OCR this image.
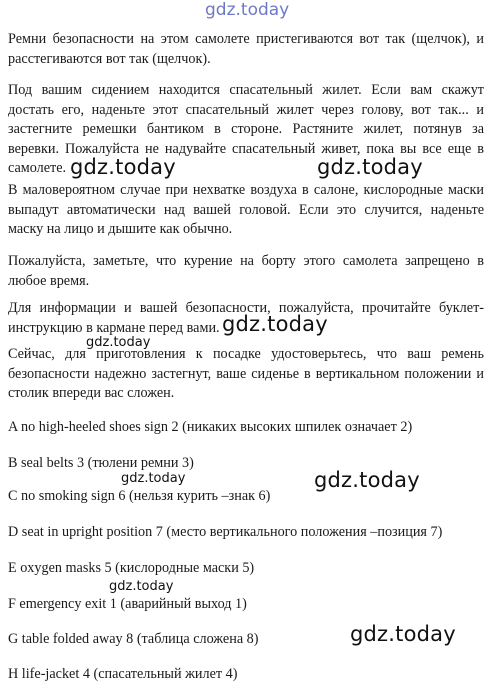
gdz.today

Ремни безопасности на этом самолете пристегиваются вот так (щелчок), и расстегиваются вот так (щелчок).

Под вашим сидением находится спасательный жилет. Если вам скажут достать его, наденьте этот спасательный жилет через голову, вот так... и застегните ремешки бантиком в стороне. Растяните жилет, потянув за веревки. Пожалуйста не надувайте спасательный живет, пока вы все еще в самолете.

В маловероятном случае при нехватке воздуха в салоне, кислородные маски выпадут автоматически над вашей головой. Если это случится, наденьте маску на лицо и дышите как обычно.

Пожалуйста, заметьте, что курение на борту этого самолета запрещено в любое время.

Для информации и вашей безопасности, пожалуйста, прочитайте буклет-инструкцию в кармане перед вами.

Сейчас, для приготовления к посадке удостоверьтесь, что ваш ремень безопасности надежно застегнут, ваше сиденье в вертикальном положении и столик впереди вас сложен.

A no high-heeled shoes sign 2 (никаких высоких шпилек означает 2)

B seal belts 3 (тюлени ремни 3)

C no smoking sign 6 (нельзя курить –знак 6)

D seat in upright position 7 (место вертикального положения –позиция 7)

E oxygen masks 5 (кислородные маски 5)

F emergency exit 1 (аварийный выход 1)

G table folded away 8 (таблица сложена 8)

H life-jacket 4 (спасательный жилет 4)

gdz.today	gdz.today
gdz.today
gdz.today
gdz.today	gdz.today
gdz.today
gdz.today
